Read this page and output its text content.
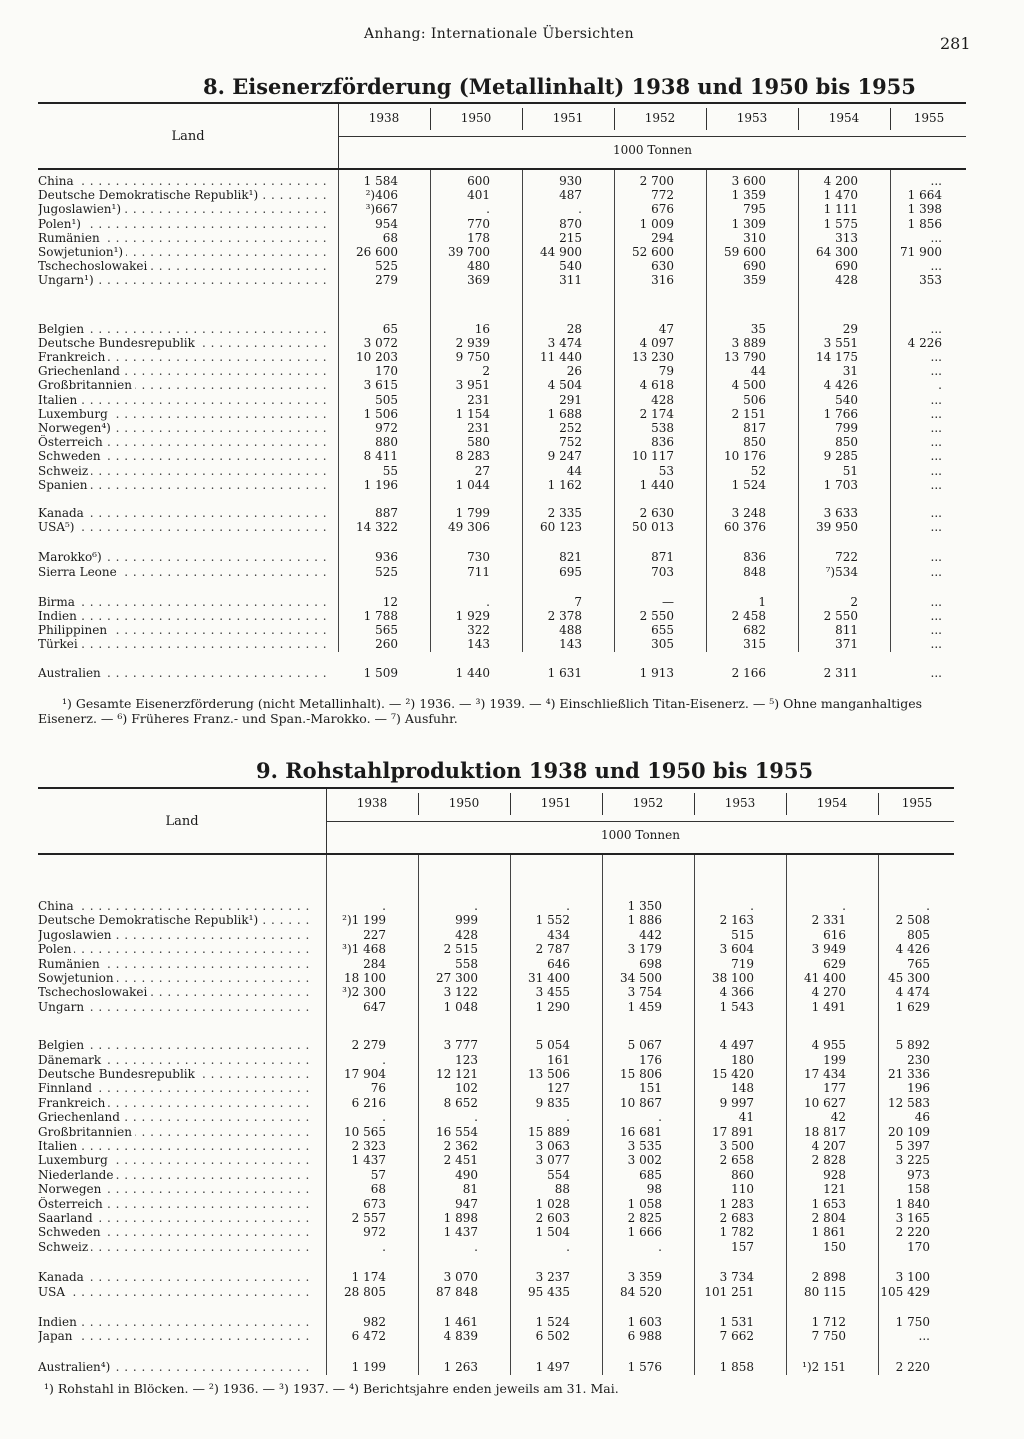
Anhang: Internationale Übersichten	281
8. Eisenerzförderung (Metallinhalt) 1938 und 1950 bis 1955
Land
1938	1950	1951	1952	1953	1954	1955
1000 Tonnen
China . . .	1 584	600	930	2 700	3 600	4 200	...
Deutsche Demokratische Republik¹) . . .	²)406	401	487	772	1 359	1 470	1 664
Jugoslawien¹) . . .	³)667	.	.	676	795	1 111	1 398
Polen¹) . . .	954	770	870	1 009	1 309	1 575	1 856
Rumänien . . .	68	178	215	294	310	313	...
Sowjetunion¹) . . .	26 600	39 700	44 900	52 600	59 600	64 300	71 900
Tschechoslowakei . . .	525	480	540	630	690	690	...
Ungarn¹) . . .	279	369	311	316	359	428	353
Belgien . . .	65	16	28	47	35	29	...
Deutsche Bundesrepublik . . .	3 072	2 939	3 474	4 097	3 889	3 551	4 226
Frankreich . . .	10 203	9 750	11 440	13 230	13 790	14 175	...
Griechenland . . .	170	2	26	79	44	31	...
Großbritannien . . .	3 615	3 951	4 504	4 618	4 500	4 426	.
Italien . . .	505	231	291	428	506	540	...
Luxemburg . . .	1 506	1 154	1 688	2 174	2 151	1 766	...
Norwegen⁴) . . .	972	231	252	538	817	799	...
Österreich . . .	880	580	752	836	850	850	...
Schweden . . .	8 411	8 283	9 247	10 117	10 176	9 285	...
Schweiz . . .	55	27	44	53	52	51	...
Spanien . . .	1 196	1 044	1 162	1 440	1 524	1 703	...
Kanada . . .	887	1 799	2 335	2 630	3 248	3 633	...
USA⁵) . . .	14 322	49 306	60 123	50 013	60 376	39 950	...
Marokko⁶) . . .	936	730	821	871	836	722	...
Sierra Leone . . .	525	711	695	703	848	⁷)534	...
Birma . . .	12	.	7	—	1	2	...
Indien . . .	1 788	1 929	2 378	2 550	2 458	2 550	...
Philippinen . . .	565	322	488	655	682	811	...
Türkei . . .	260	143	143	305	315	371	...
Australien . . .	1 509	1 440	1 631	1 913	2 166	2 311	...
¹) Gesamte Eisenerzförderung (nicht Metallinhalt). — ²) 1936. — ³) 1939. — ⁴) Einschließlich Titan-Eisenerz. — ⁵) Ohne manganhaltiges
Eisenerz. — ⁶) Früheres Franz.- und Span.-Marokko. — ⁷) Ausfuhr.
9. Rohstahlproduktion 1938 und 1950 bis 1955
Land
1938	1950	1951	1952	1953	1954	1955
1000 Tonnen
China . . .	.	.	.	1 350	.	.	.
Deutsche Demokratische Republik¹) . . .	²)1 199	999	1 552	1 886	2 163	2 331	2 508
Jugoslawien . . .	227	428	434	442	515	616	805
Polen . . .	³)1 468	2 515	2 787	3 179	3 604	3 949	4 426
Rumänien . . .	284	558	646	698	719	629	765
Sowjetunion . . .	18 100	27 300	31 400	34 500	38 100	41 400	45 300
Tschechoslowakei . . .	³)2 300	3 122	3 455	3 754	4 366	4 270	4 474
Ungarn . . .	647	1 048	1 290	1 459	1 543	1 491	1 629
Belgien . . .	2 279	3 777	5 054	5 067	4 497	4 955	5 892
Dänemark . . .	.	123	161	176	180	199	230
Deutsche Bundesrepublik . . .	17 904	12 121	13 506	15 806	15 420	17 434	21 336
Finnland . . .	76	102	127	151	148	177	196
Frankreich . . .	6 216	8 652	9 835	10 867	9 997	10 627	12 583
Griechenland . . .	.	.	.	.	41	42	46
Großbritannien . . .	10 565	16 554	15 889	16 681	17 891	18 817	20 109
Italien . . .	2 323	2 362	3 063	3 535	3 500	4 207	5 397
Luxemburg . . .	1 437	2 451	3 077	3 002	2 658	2 828	3 225
Niederlande . . .	57	490	554	685	860	928	973
Norwegen . . .	68	81	88	98	110	121	158
Österreich . . .	673	947	1 028	1 058	1 283	1 653	1 840
Saarland . . .	2 557	1 898	2 603	2 825	2 683	2 804	3 165
Schweden . . .	972	1 437	1 504	1 666	1 782	1 861	2 220
Schweiz . . .	.	.	.	.	157	150	170
Kanada . . .	1 174	3 070	3 237	3 359	3 734	2 898	3 100
USA . . .	28 805	87 848	95 435	84 520	101 251	80 115	105 429
Indien . . .	982	1 461	1 524	1 603	1 531	1 712	1 750
Japan . . .	6 472	4 839	6 502	6 988	7 662	7 750	...
Australien⁴) . . .	1 199	1 263	1 497	1 576	1 858	¹)2 151	2 220
¹) Rohstahl in Blöcken. — ²) 1936. — ³) 1937. — ⁴) Berichtsjahre enden jeweils am 31. Mai.
